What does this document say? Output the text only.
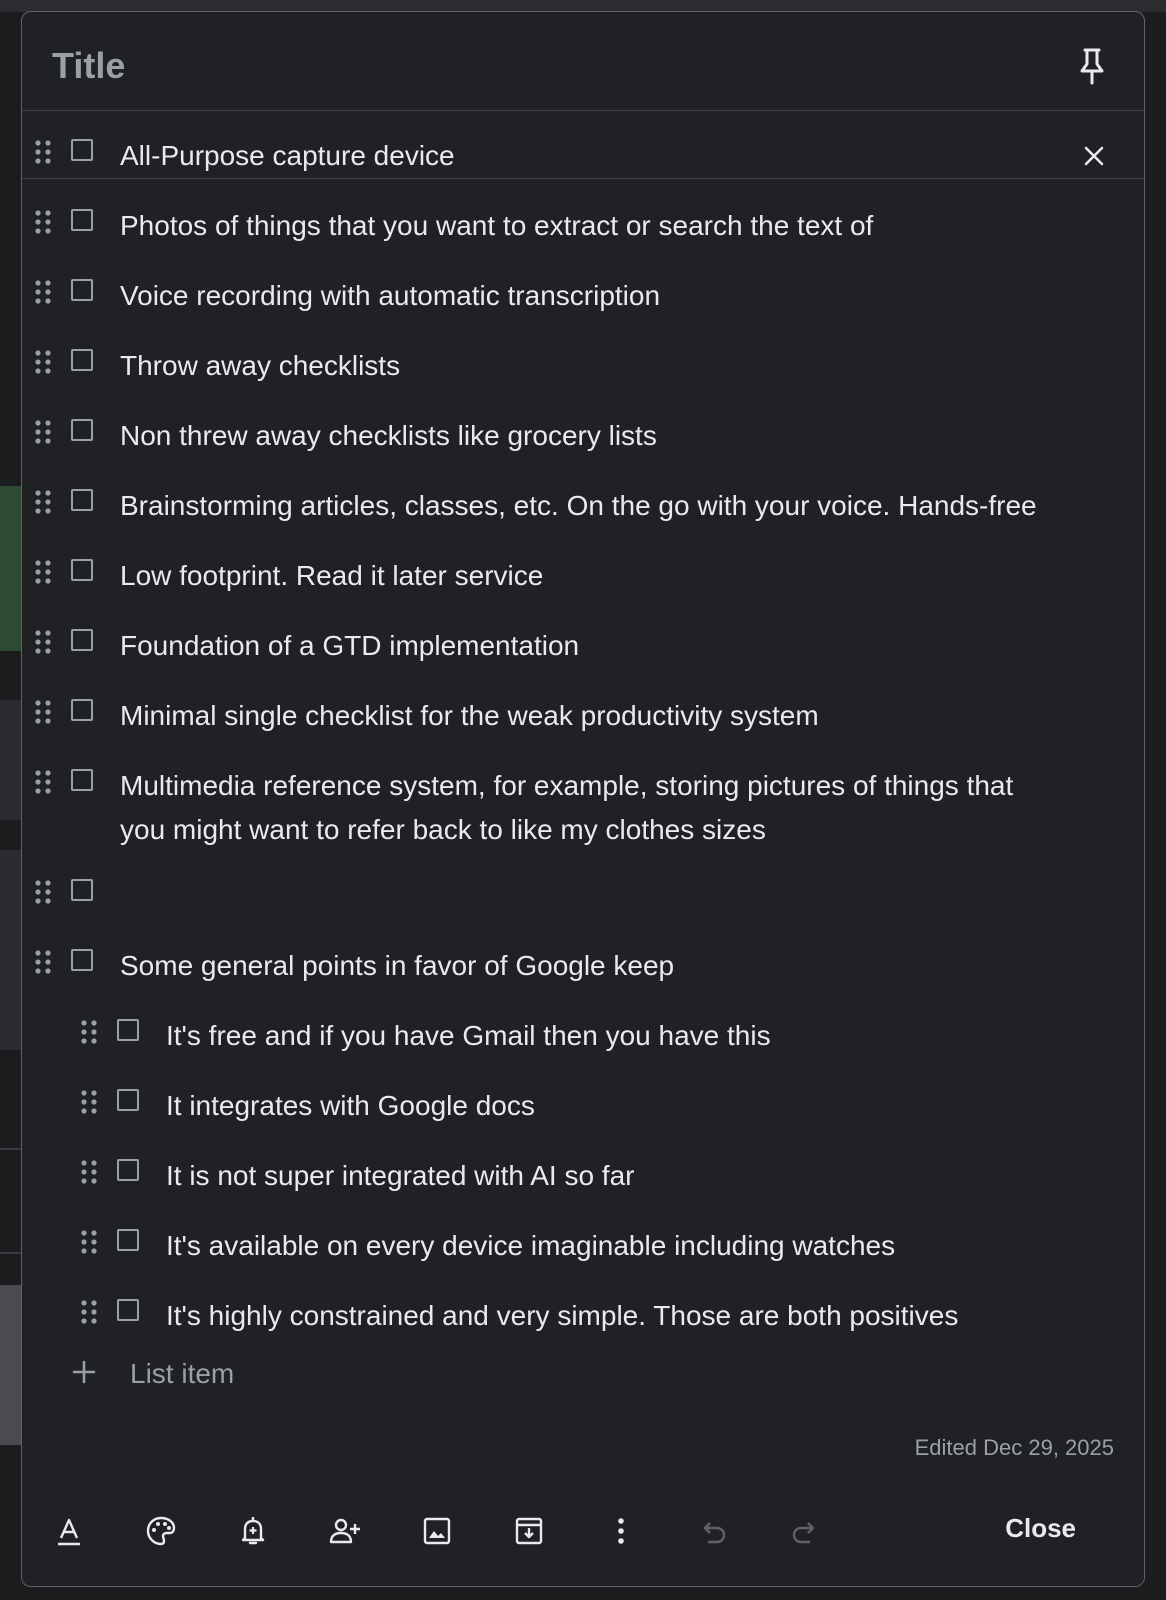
Title
All-Purpose capture device
Photos of things that you want to extract or search the text of
Voice recording with automatic transcription
Throw away checklists
Non threw away checklists like grocery lists
Brainstorming articles, classes, etc. On the go with your voice. Hands-free
Low footprint. Read it later service
Foundation of a GTD implementation
Minimal single checklist for the weak productivity system
Multimedia reference system, for example, storing pictures of things that you might want to refer back to like my clothes sizes
Some general points in favor of Google keep
It's free and if you have Gmail then you have this
It integrates with Google docs
It is not super integrated with AI so far
It's available on every device imaginable including watches
It's highly constrained and very simple. Those are both positives
List item
Edited Dec 29, 2025
Close
